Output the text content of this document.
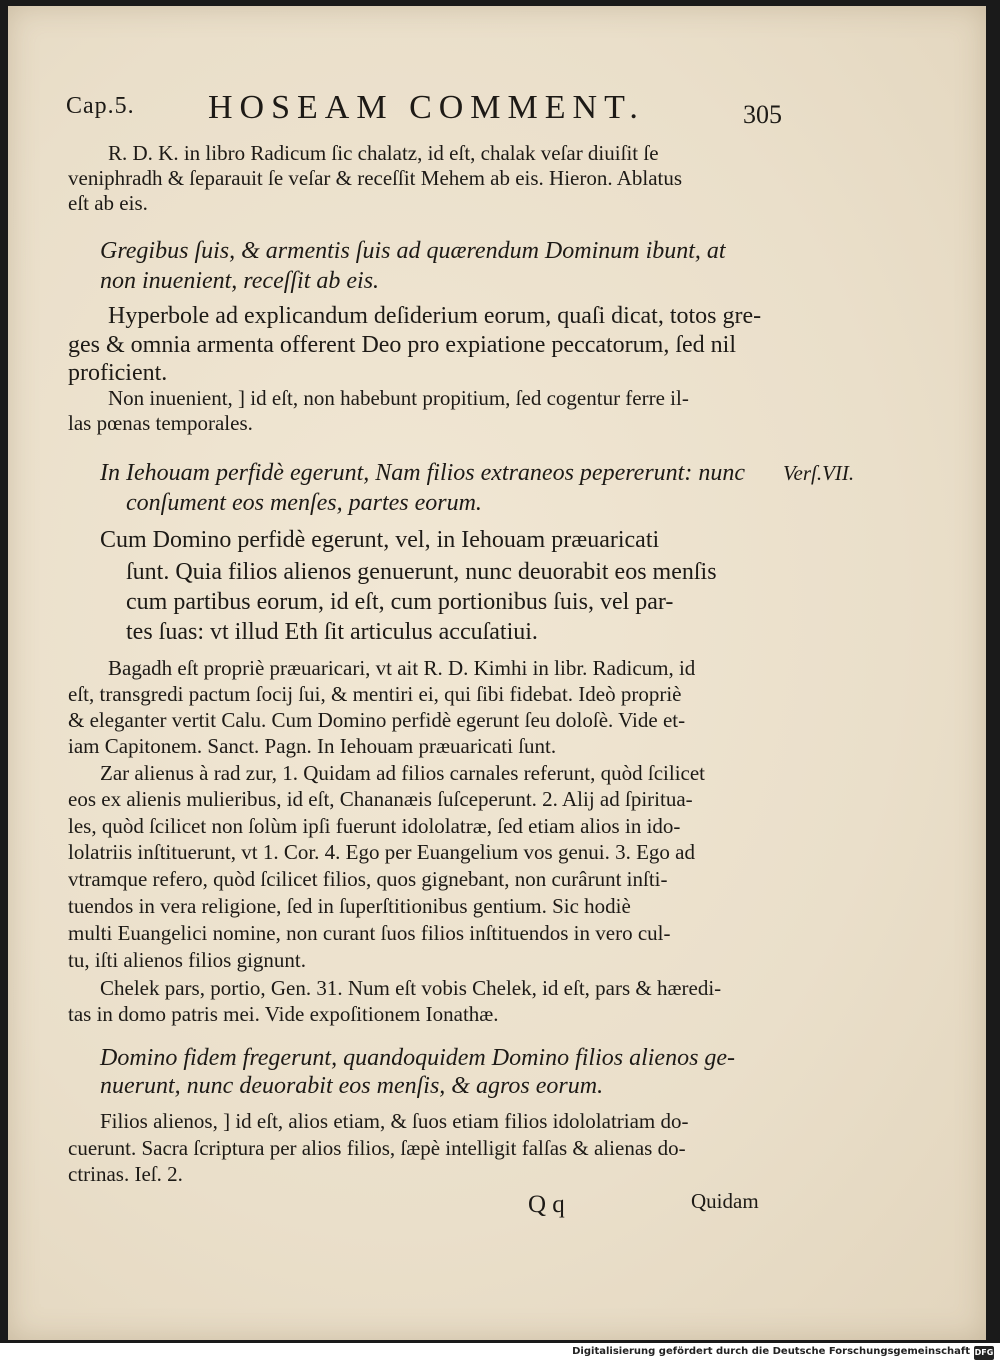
Cap.5. HOSEAM COMMENT.	305
Verſ.VII.
R. D. K. in libro Radicum ſic chalatz, id eſt, chalak veſar diuiſit ſe
veniphradh & ſeparauit ſe veſar & receſſit Mehem ab eis. Hieron. Ablatus
eſt ab eis.
Gregibus ſuis, & armentis ſuis ad quærendum Dominum ibunt, at
non inuenient, receſſit ab eis.
Hyperbole ad explicandum deſiderium eorum, quaſi dicat, totos gre-
ges & omnia armenta offerent Deo pro expiatione peccatorum, ſed nil
proficient.
Non inuenient, ] id eſt, non habebunt propitium, ſed cogentur ferre il-
las pœnas temporales.
In Iehouam perfidè egerunt, Nam filios extraneos pepererunt: nunc
conſument eos menſes, partes eorum.
Cum Domino perfidè egerunt, vel, in Iehouam præuaricati
ſunt. Quia filios alienos genuerunt, nunc deuorabit eos menſis
cum partibus eorum, id eſt, cum portionibus ſuis, vel par-
tes ſuas: vt illud Eth ſit articulus accuſatiui.
Bagadh eſt propriè præuaricari, vt ait R. D. Kimhi in libr. Radicum, id
eſt, transgredi pactum ſocij ſui, & mentiri ei, qui ſibi fidebat. Ideò propriè
& eleganter vertit Calu. Cum Domino perfidè egerunt ſeu doloſè. Vide et-
iam Capitonem. Sanct. Pagn. In Iehouam præuaricati ſunt.
Zar alienus à rad zur, 1. Quidam ad filios carnales referunt, quòd ſcilicet
eos ex alienis mulieribus, id eſt, Chananæis ſuſceperunt. 2. Alij ad ſpiritua-
les, quòd ſcilicet non ſolùm ipſi fuerunt idololatræ, ſed etiam alios in ido-
lolatriis inſtituerunt, vt 1. Cor. 4. Ego per Euangelium vos genui. 3. Ego ad
vtramque refero, quòd ſcilicet filios, quos gignebant, non curârunt inſti-
tuendos in vera religione, ſed in ſuperſtitionibus gentium. Sic hodiè
multi Euangelici nomine, non curant ſuos filios inſtituendos in vero cul-
tu, iſti alienos filios gignunt.
Chelek pars, portio, Gen. 31. Num eſt vobis Chelek, id eſt, pars & hæredi-
tas in domo patris mei. Vide expoſitionem Ionathæ.
Domino fidem fregerunt, quandoquidem Domino filios alienos ge-
nuerunt, nunc deuorabit eos menſis, & agros eorum.
Filios alienos, ] id eſt, alios etiam, & ſuos etiam filios idololatriam do-
cuerunt. Sacra ſcriptura per alios filios, ſæpè intelligit falſas & alienas do-
ctrinas. Ieſ. 2.
Q q	Quidam
Digitalisierung gefördert durch die Deutsche Forschungsgemeinschaft DFG
